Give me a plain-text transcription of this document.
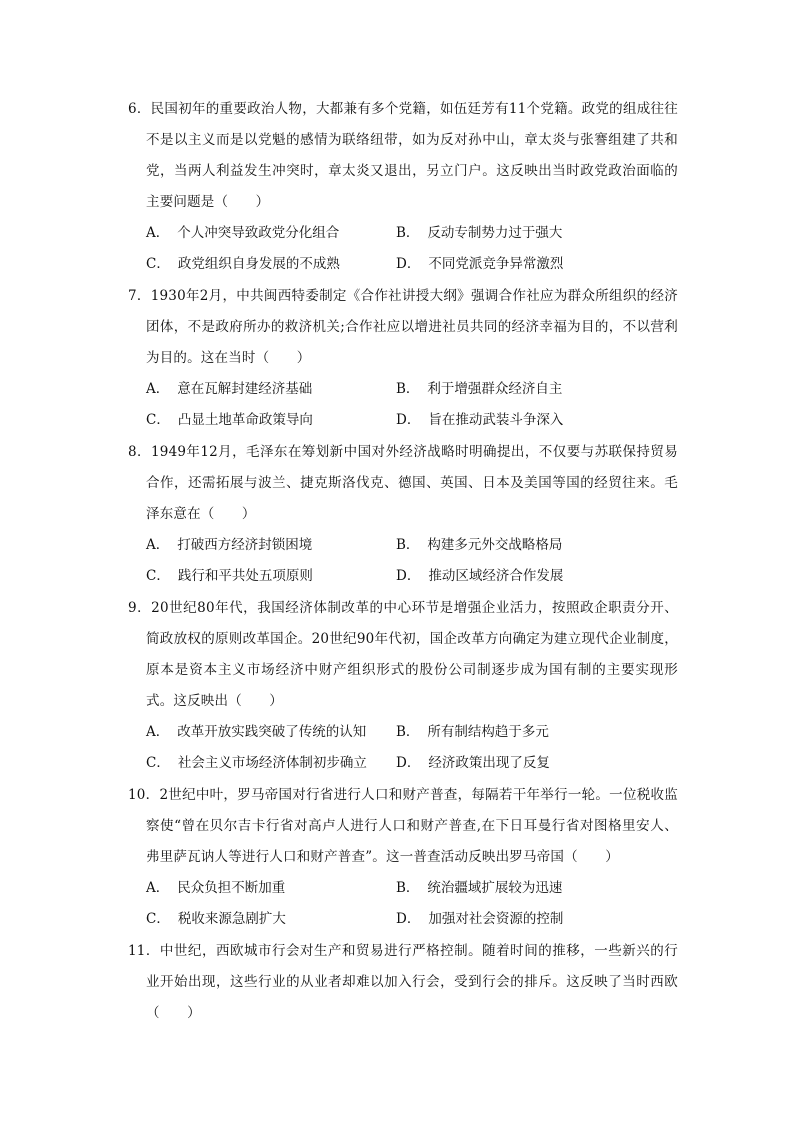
6．民国初年的重要政治人物，大都兼有多个党籍，如伍廷芳有11个党籍。政党的组成往往不是以主义而是以党魁的感情为联络纽带，如为反对孙中山，章太炎与张謇组建了共和党，当两人利益发生冲突时，章太炎又退出，另立门户。这反映出当时政党政治面临的主要问题是（　　）
A． 个人冲突导致政党分化组合	B． 反动专制势力过于强大
C． 政党组织自身发展的不成熟	D． 不同党派竞争异常激烈
7．1930年2月，中共闽西特委制定《合作社讲授大纲》强调合作社应为群众所组织的经济团体，不是政府所办的救济机关;合作社应以增进社员共同的经济幸福为目的，不以营利为目的。这在当时（　　）
A． 意在瓦解封建经济基础	B． 利于增强群众经济自主
C． 凸显土地革命政策导向	D． 旨在推动武装斗争深入
8．1949年12月，毛泽东在筹划新中国对外经济战略时明确提出，不仅要与苏联保持贸易合作，还需拓展与波兰、捷克斯洛伐克、德国、英国、日本及美国等国的经贸往来。毛泽东意在（　　）
A． 打破西方经济封锁困境	B． 构建多元外交战略格局
C． 践行和平共处五项原则	D． 推动区域经济合作发展
9．20世纪80年代，我国经济体制改革的中心环节是增强企业活力，按照政企职责分开、简政放权的原则改革国企。20世纪90年代初，国企改革方向确定为建立现代企业制度，原本是资本主义市场经济中财产组织形式的股份公司制逐步成为国有制的主要实现形式。这反映出（　　）
A． 改革开放实践突破了传统的认知	B． 所有制结构趋于多元
C． 社会主义市场经济体制初步确立	D． 经济政策出现了反复
10．2世纪中叶，罗马帝国对行省进行人口和财产普查，每隔若干年举行一轮。一位税收监察使“曾在贝尔吉卡行省对高卢人进行人口和财产普查,在下日耳曼行省对图格里安人、弗里萨瓦讷人等进行人口和财产普查”。这一普查活动反映出罗马帝国（　　）
A． 民众负担不断加重	B． 统治疆域扩展较为迅速
C． 税收来源急剧扩大	D． 加强对社会资源的控制
11．中世纪，西欧城市行会对生产和贸易进行严格控制。随着时间的推移，一些新兴的行业开始出现，这些行业的从业者却难以加入行会，受到行会的排斥。这反映了当时西欧（　　）
